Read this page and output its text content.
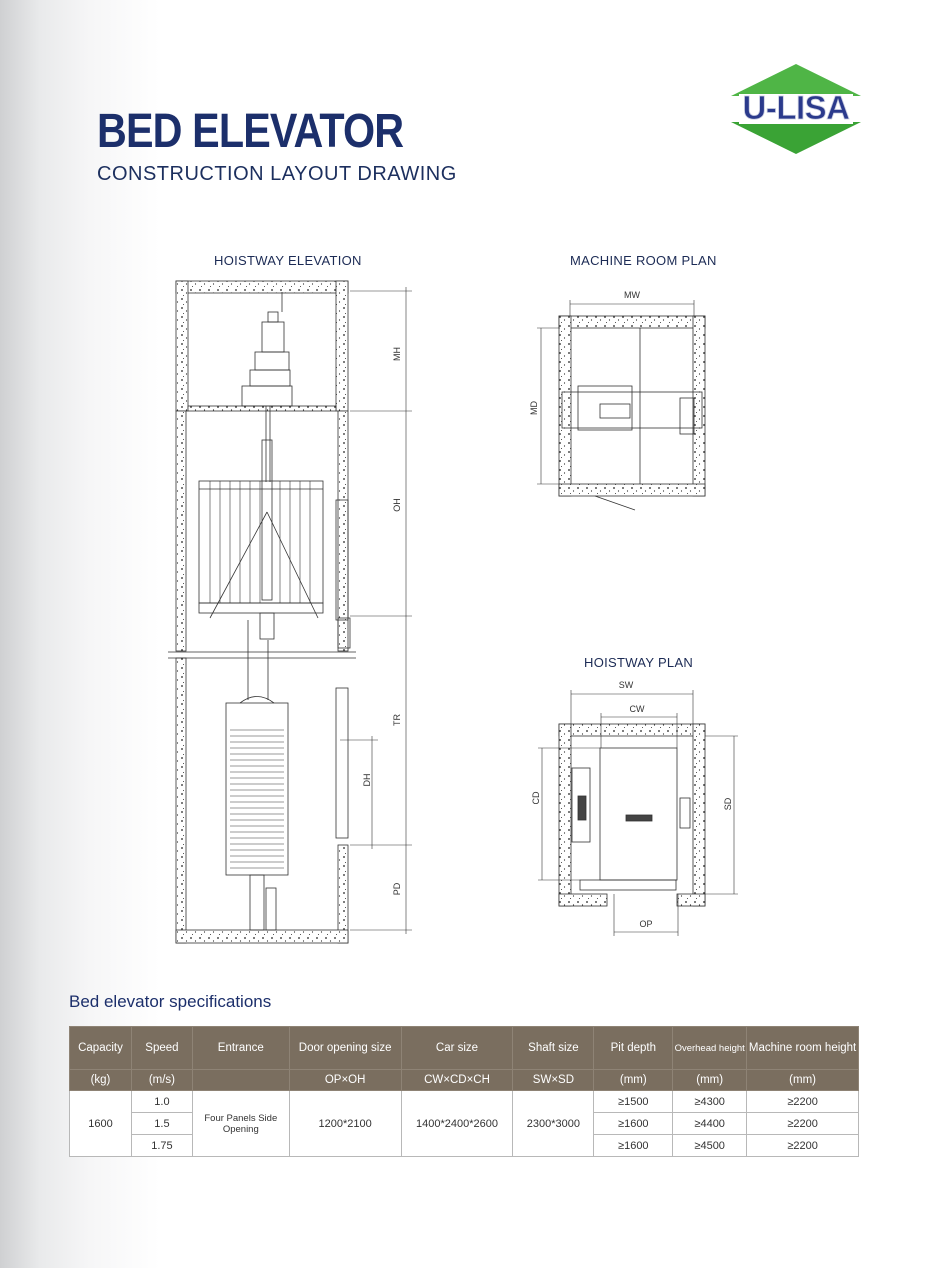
BED ELEVATOR
CONSTRUCTION LAYOUT DRAWING
U-LISA
HOISTWAY ELEVATION	MACHINE ROOM PLAN
HOISTWAY PLAN
MH
OH
TR
DH
PD
MW
MD
SW
CW
CD	SD
OP
Bed elevator specifications
Capacity	Speed	Entrance	Door opening size	Car size	Shaft size	Pit depth	Overhead height	Machine room height
(kg)	(m/s)		OP×OH	CW×CD×CH	SW×SD	(mm)	(mm)	(mm)
1600	1.0	Four Panels Side Opening	1200*2100	1400*2400*2600	2300*3000	≥1500	≥4300	≥2200
	1.5					≥1600	≥4400	≥2200
	1.75					≥1600	≥4500	≥2200
